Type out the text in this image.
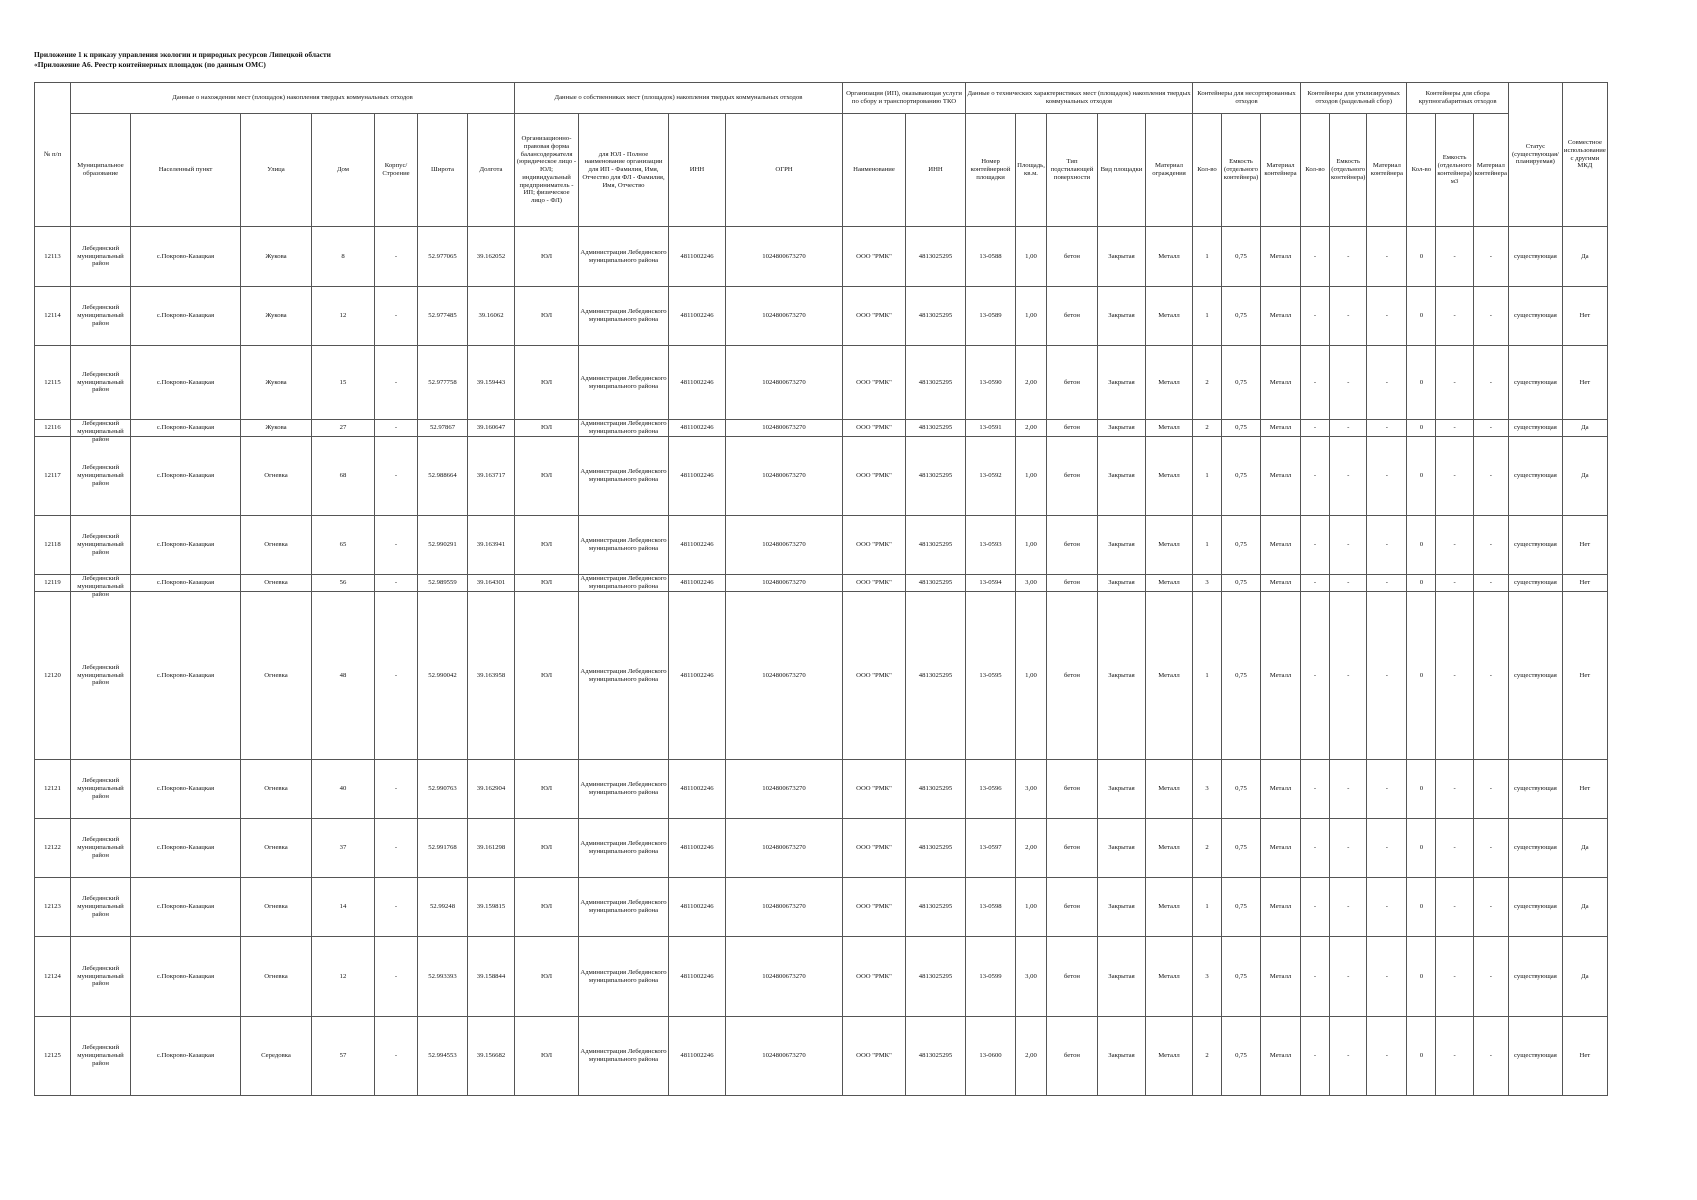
Приложение 1 к приказу управления экологии и природных ресурсов Липецкой области
«Приложение А6. Реестр контейнерных площадок (по данным ОМС)
№ п/п	Данные о нахождении мест (площадок) накопления твердых коммунальных отходов							Данные о собственниках мест (площадок) накопления твердых коммунальных отходов				Организация (ИП), оказывающая услуги по сбору и транспортированию ТКО		Данные о технических характеристиках мест (площадок) накопления твердых коммунальных отходов					Контейнеры для несортированных отходов			Контейнеры для утилизируемых отходов (раздельный сбор)			Контейнеры для сбора крупногабаритных отходов			Статус (существующая/ планируемая)	Совместное использование с другими МКД
	Муниципальное образование	Населенный пункт	Улица	Дом	Корпус/Строение	Широта	Долгота	Организационно-правовая форма балансодержателя (юридическое лицо - ЮЛ; индивидуальный предприниматель - ИП; физическое лицо - ФЛ)	для ЮЛ - Полное наименование организации для ИП - Фамилия, Имя, Отчество для ФЛ - Фамилия, Имя, Отчество	ИНН	ОГРН	Наименование	ИНН	Номер контейнерной площадки	Площадь, кв.м.	Тип подстилающей поверхности	Вид площадки	Материал ограждения	Кол-во	Емкость (отдельного контейнера)	Материал контейнера	Кол-во	Емкость (отдельного контейнера)	Материал контейнера	Кол-во	Емкость (отдельного контейнера) м3	Материал контейнера		

12113	Лебедянский муниципальный район	с.Покрово-Казацкая	Жукова	8	-	52.977065	39.162052	ЮЛ	Администрация Лебедянского муниципального района	4811002246	1024800673270	ООО "РМК"	4813025295	13-0588	1,00	бетон	Закрытая	Металл	1	0,75	Металл	-	-	-	0	-	-	существующая	Да

12114	Лебедянский муниципальный район	с.Покрово-Казацкая	Жукова	12	-	52.977485	39.16062	ЮЛ	Администрация Лебедянского муниципального района	4811002246	1024800673270	ООО "РМК"	4813025295	13-0589	1,00	бетон	Закрытая	Металл	1	0,75	Металл	-	-	-	0	-	-	существующая	Нет

12115	Лебедянский муниципальный район	с.Покрово-Казацкая	Жукова	15	-	52.977758	39.159443	ЮЛ	Администрация Лебедянского муниципального района	4811002246	1024800673270	ООО "РМК"	4813025295	13-0590	2,00	бетон	Закрытая	Металл	2	0,75	Металл	-	-	-	0	-	-	существующая	Нет

12116	Лебедянский муниципальный район	с.Покрово-Казацкая	Жукова	27	-	52.97867	39.160647	ЮЛ	Администрация Лебедянского муниципального района	4811002246	1024800673270	ООО "РМК"	4813025295	13-0591	2,00	бетон	Закрытая	Металл	2	0,75	Металл	-	-	-	0	-	-	существующая	Да

12117	Лебедянский муниципальный район	с.Покрово-Казацкая	Огневка	68	-	52.988664	39.163717	ЮЛ	Администрация Лебедянского муниципального района	4811002246	1024800673270	ООО "РМК"	4813025295	13-0592	1,00	бетон	Закрытая	Металл	1	0,75	Металл	-	-	-	0	-	-	существующая	Да

12118	Лебедянский муниципальный район	с.Покрово-Казацкая	Огневка	65	-	52.990291	39.163941	ЮЛ	Администрация Лебедянского муниципального района	4811002246	1024800673270	ООО "РМК"	4813025295	13-0593	1,00	бетон	Закрытая	Металл	1	0,75	Металл	-	-	-	0	-	-	существующая	Нет

12119	Лебедянский муниципальный район	с.Покрово-Казацкая	Огневка	56	-	52.989559	39.164301	ЮЛ	Администрация Лебедянского муниципального района	4811002246	1024800673270	ООО "РМК"	4813025295	13-0594	3,00	бетон	Закрытая	Металл	3	0,75	Металл	-	-	-	0	-	-	существующая	Нет

12120	Лебедянский муниципальный район	с.Покрово-Казацкая	Огневка	48	-	52.990042	39.163958	ЮЛ	Администрация Лебедянского муниципального района	4811002246	1024800673270	ООО "РМК"	4813025295	13-0595	1,00	бетон	Закрытая	Металл	1	0,75	Металл	-	-	-	0	-	-	существующая	Нет

12121	Лебедянский муниципальный район	с.Покрово-Казацкая	Огневка	40	-	52.990763	39.162904	ЮЛ	Администрация Лебедянского муниципального района	4811002246	1024800673270	ООО "РМК"	4813025295	13-0596	3,00	бетон	Закрытая	Металл	3	0,75	Металл	-	-	-	0	-	-	существующая	Нет

12122	Лебедянский муниципальный район	с.Покрово-Казацкая	Огневка	37	-	52.991768	39.161298	ЮЛ	Администрация Лебедянского муниципального района	4811002246	1024800673270	ООО "РМК"	4813025295	13-0597	2,00	бетон	Закрытая	Металл	2	0,75	Металл	-	-	-	0	-	-	существующая	Да

12123	Лебедянский муниципальный район	с.Покрово-Казацкая	Огневка	14	-	52.99248	39.159815	ЮЛ	Администрация Лебедянского муниципального района	4811002246	1024800673270	ООО "РМК"	4813025295	13-0598	1,00	бетон	Закрытая	Металл	1	0,75	Металл	-	-	-	0	-	-	существующая	Да

12124	Лебедянский муниципальный район	с.Покрово-Казацкая	Огневка	12	-	52.993393	39.158844	ЮЛ	Администрация Лебедянского муниципального района	4811002246	1024800673270	ООО "РМК"	4813025295	13-0599	3,00	бетон	Закрытая	Металл	3	0,75	Металл	-	-	-	0	-	-	существующая	Да

12125	Лебедянский муниципальный район	с.Покрово-Казацкая	Середовка	57	-	52.994553	39.156682	ЮЛ	Администрация Лебедянского муниципального района	4811002246	1024800673270	ООО "РМК"	4813025295	13-0600	2,00	бетон	Закрытая	Металл	2	0,75	Металл	-	-	-	0	-	-	существующая	Нет
